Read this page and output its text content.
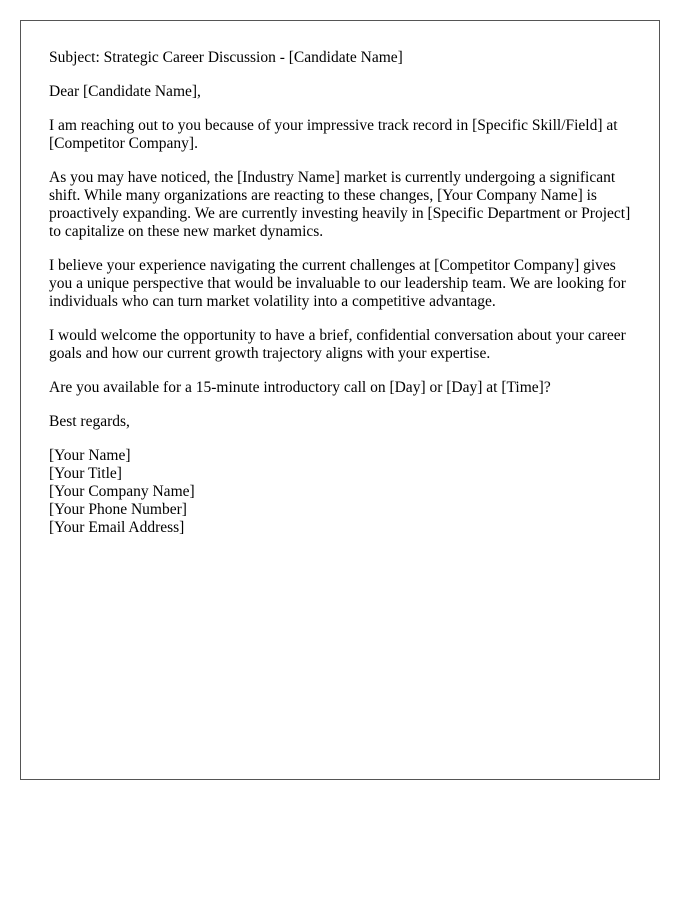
Subject: Strategic Career Discussion - [Candidate Name]

Dear [Candidate Name],

I am reaching out to you because of your impressive track record in [Specific Skill/Field] at [Competitor Company].

As you may have noticed, the [Industry Name] market is currently undergoing a significant shift. While many organizations are reacting to these changes, [Your Company Name] is proactively expanding. We are currently investing heavily in [Specific Department or Project] to capitalize on these new market dynamics.

I believe your experience navigating the current challenges at [Competitor Company] gives you a unique perspective that would be invaluable to our leadership team. We are looking for individuals who can turn market volatility into a competitive advantage.

I would welcome the opportunity to have a brief, confidential conversation about your career goals and how our current growth trajectory aligns with your expertise.

Are you available for a 15-minute introductory call on [Day] or [Day] at [Time]?

Best regards,

[Your Name]
[Your Title]
[Your Company Name]
[Your Phone Number]
[Your Email Address]
